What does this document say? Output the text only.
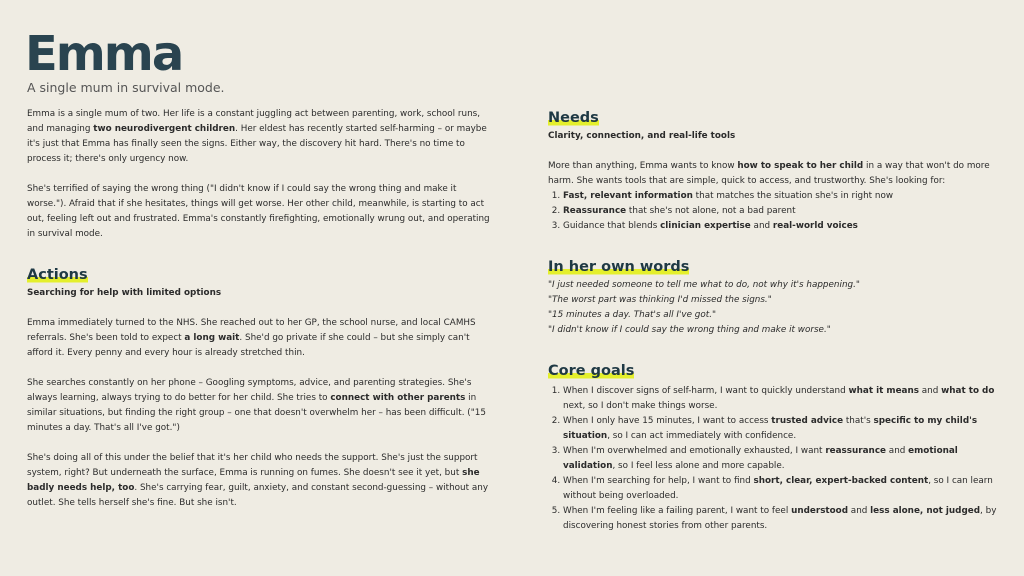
Emma
A single mum in survival mode.

Emma is a single mum of two. Her life is a constant juggling act between parenting, work, school runs, and managing two neurodivergent children. Her eldest has recently started self-harming – or maybe it's just that Emma has finally seen the signs. Either way, the discovery hit hard. There's no time to process it; there's only urgency now.

She's terrified of saying the wrong thing ("I didn't know if I could say the wrong thing and make it worse."). Afraid that if she hesitates, things will get worse. Her other child, meanwhile, is starting to act out, feeling left out and frustrated. Emma's constantly firefighting, emotionally wrung out, and operating in survival mode.

Actions
Searching for help with limited options

Emma immediately turned to the NHS. She reached out to her GP, the school nurse, and local CAMHS referrals. She's been told to expect a long wait. She'd go private if she could – but she simply can't afford it. Every penny and every hour is already stretched thin.

She searches constantly on her phone – Googling symptoms, advice, and parenting strategies. She's always learning, always trying to do better for her child. She tries to connect with other parents in similar situations, but finding the right group – one that doesn't overwhelm her – has been difficult. ("15 minutes a day. That's all I've got.")

She's doing all of this under the belief that it's her child who needs the support. She's just the support system, right? But underneath the surface, Emma is running on fumes. She doesn't see it yet, but she badly needs help, too. She's carrying fear, guilt, anxiety, and constant second-guessing – without any outlet. She tells herself she's fine. But she isn't.

Needs
Clarity, connection, and real-life tools

More than anything, Emma wants to know how to speak to her child in a way that won't do more harm. She wants tools that are simple, quick to access, and trustworthy. She's looking for:

1. Fast, relevant information that matches the situation she's in right now
2. Reassurance that she's not alone, not a bad parent
3. Guidance that blends clinician expertise and real-world voices
In her own words

"I just needed someone to tell me what to do, not why it's happening."

"The worst part was thinking I'd missed the signs."

"15 minutes a day. That's all I've got."

"I didn't know if I could say the wrong thing and make it worse."

Core goals
1. When I discover signs of self-harm, I want to quickly understand what it means and what to do next, so I don't make things worse.
2. When I only have 15 minutes, I want to access trusted advice that's specific to my child's situation, so I can act immediately with confidence.
3. When I'm overwhelmed and emotionally exhausted, I want reassurance and emotional validation, so I feel less alone and more capable.
4. When I'm searching for help, I want to find short, clear, expert-backed content, so I can learn without being overloaded.
5. When I'm feeling like a failing parent, I want to feel understood and less alone, not judged, by discovering honest stories from other parents.
